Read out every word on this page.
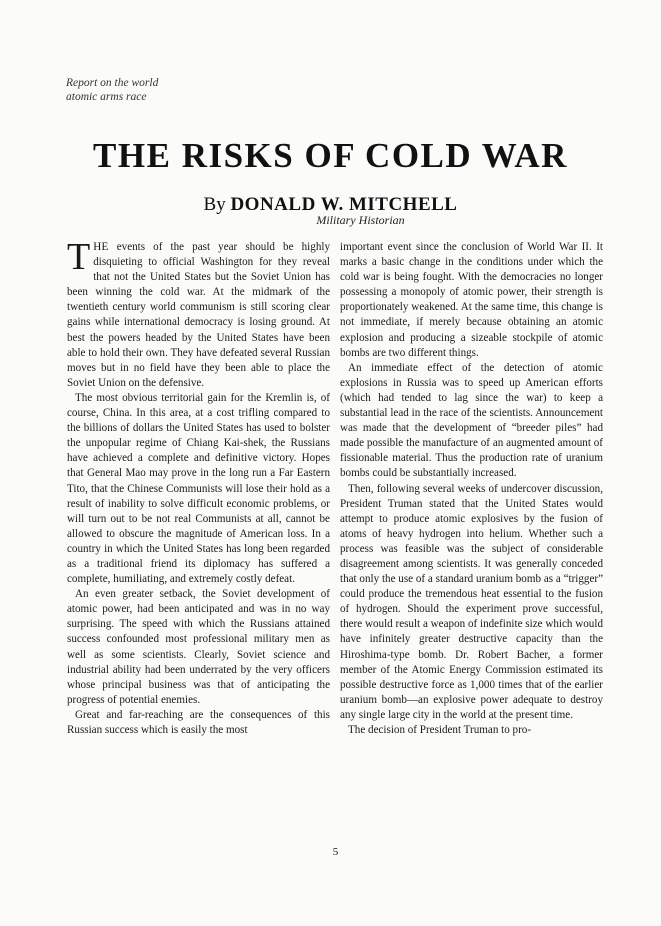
Report on the world
atomic arms race
THE RISKS OF COLD WAR
By DONALD W. MITCHELL
Military Historian

THE events of the past year should be highly disquieting to official Washington for they reveal that not the United States but the Soviet Union has been winning the cold war. At the midmark of the twentieth century world communism is still scoring clear gains while international democracy is losing ground. At best the powers headed by the United States have been able to hold their own. They have defeated several Russian moves but in no field have they been able to place the Soviet Union on the defensive.

The most obvious territorial gain for the Kremlin is, of course, China. In this area, at a cost trifling compared to the billions of dollars the United States has used to bolster the unpopular regime of Chiang Kai-shek, the Russians have achieved a complete and definitive victory. Hopes that General Mao may prove in the long run a Far Eastern Tito, that the Chinese Communists will lose their hold as a result of inability to solve difficult economic problems, or will turn out to be not real Communists at all, cannot be allowed to obscure the magnitude of American loss. In a country in which the United States has long been regarded as a traditional friend its diplomacy has suffered a complete, humiliating, and extremely costly defeat.

An even greater setback, the Soviet development of atomic power, had been anticipated and was in no way surprising. The speed with which the Russians attained success confounded most professional military men as well as some scientists. Clearly, Soviet science and industrial ability had been underrated by the very officers whose principal business was that of anticipating the progress of potential enemies.

Great and far-reaching are the consequences of this Russian success which is easily the most

important event since the conclusion of World War II. It marks a basic change in the conditions under which the cold war is being fought. With the democracies no longer possessing a monopoly of atomic power, their strength is proportionately weakened. At the same time, this change is not immediate, if merely because obtaining an atomic explosion and producing a sizeable stockpile of atomic bombs are two different things.

An immediate effect of the detection of atomic explosions in Russia was to speed up American efforts (which had tended to lag since the war) to keep a substantial lead in the race of the scientists. Announcement was made that the development of “breeder piles” had made possible the manufacture of an augmented amount of fissionable material. Thus the production rate of uranium bombs could be substantially increased.

Then, following several weeks of undercover discussion, President Truman stated that the United States would attempt to produce atomic explosives by the fusion of atoms of heavy hydrogen into helium. Whether such a process was feasible was the subject of considerable disagreement among scientists. It was generally conceded that only the use of a standard uranium bomb as a “trigger” could produce the tremendous heat essential to the fusion of hydrogen. Should the experiment prove successful, there would result a weapon of indefinite size which would have infinitely greater destructive capacity than the Hiroshima-type bomb. Dr. Robert Bacher, a former member of the Atomic Energy Commission estimated its possible destructive force as 1,000 times that of the earlier uranium bomb—an explosive power adequate to destroy any single large city in the world at the present time.

The decision of President Truman to pro-

5
